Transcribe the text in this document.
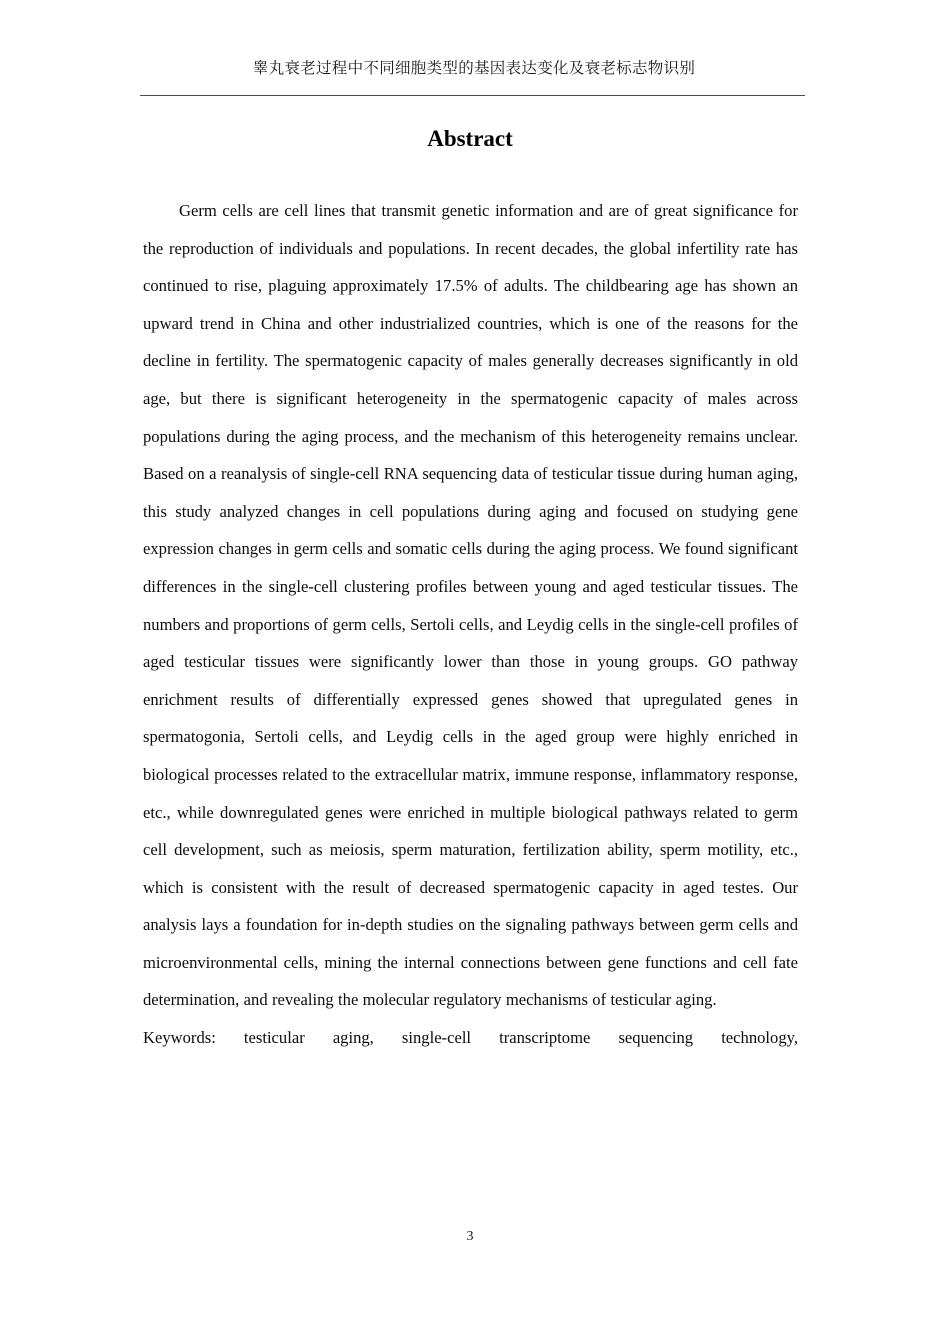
睾丸衰老过程中不同细胞类型的基因表达变化及衰老标志物识别
Abstract

Germ cells are cell lines that transmit genetic information and are of great significance for the reproduction of individuals and populations. In recent decades, the global infertility rate has continued to rise, plaguing approximately 17.5% of adults. The childbearing age has shown an upward trend in China and other industrialized countries, which is one of the reasons for the decline in fertility. The spermatogenic capacity of males generally decreases significantly in old age, but there is significant heterogeneity in the spermatogenic capacity of males across populations during the aging process, and the mechanism of this heterogeneity remains unclear. Based on a reanalysis of single-cell RNA sequencing data of testicular tissue during human aging, this study analyzed changes in cell populations during aging and focused on studying gene expression changes in germ cells and somatic cells during the aging process. We found significant differences in the single-cell clustering profiles between young and aged testicular tissues. The numbers and proportions of germ cells, Sertoli cells, and Leydig cells in the single-cell profiles of aged testicular tissues were significantly lower than those in young groups. GO pathway enrichment results of differentially expressed genes showed that upregulated genes in spermatogonia, Sertoli cells, and Leydig cells in the aged group were highly enriched in biological processes related to the extracellular matrix, immune response, inflammatory response, etc., while downregulated genes were enriched in multiple biological pathways related to germ cell development, such as meiosis, sperm maturation, fertilization ability, sperm motility, etc., which is consistent with the result of decreased spermatogenic capacity in aged testes. Our analysis lays a foundation for in-depth studies on the signaling pathways between germ cells and microenvironmental cells, mining the internal connections between gene functions and cell fate determination, and revealing the molecular regulatory mechanisms of testicular aging.

Keywords: testicular aging, single-cell transcriptome sequencing technology,

3
